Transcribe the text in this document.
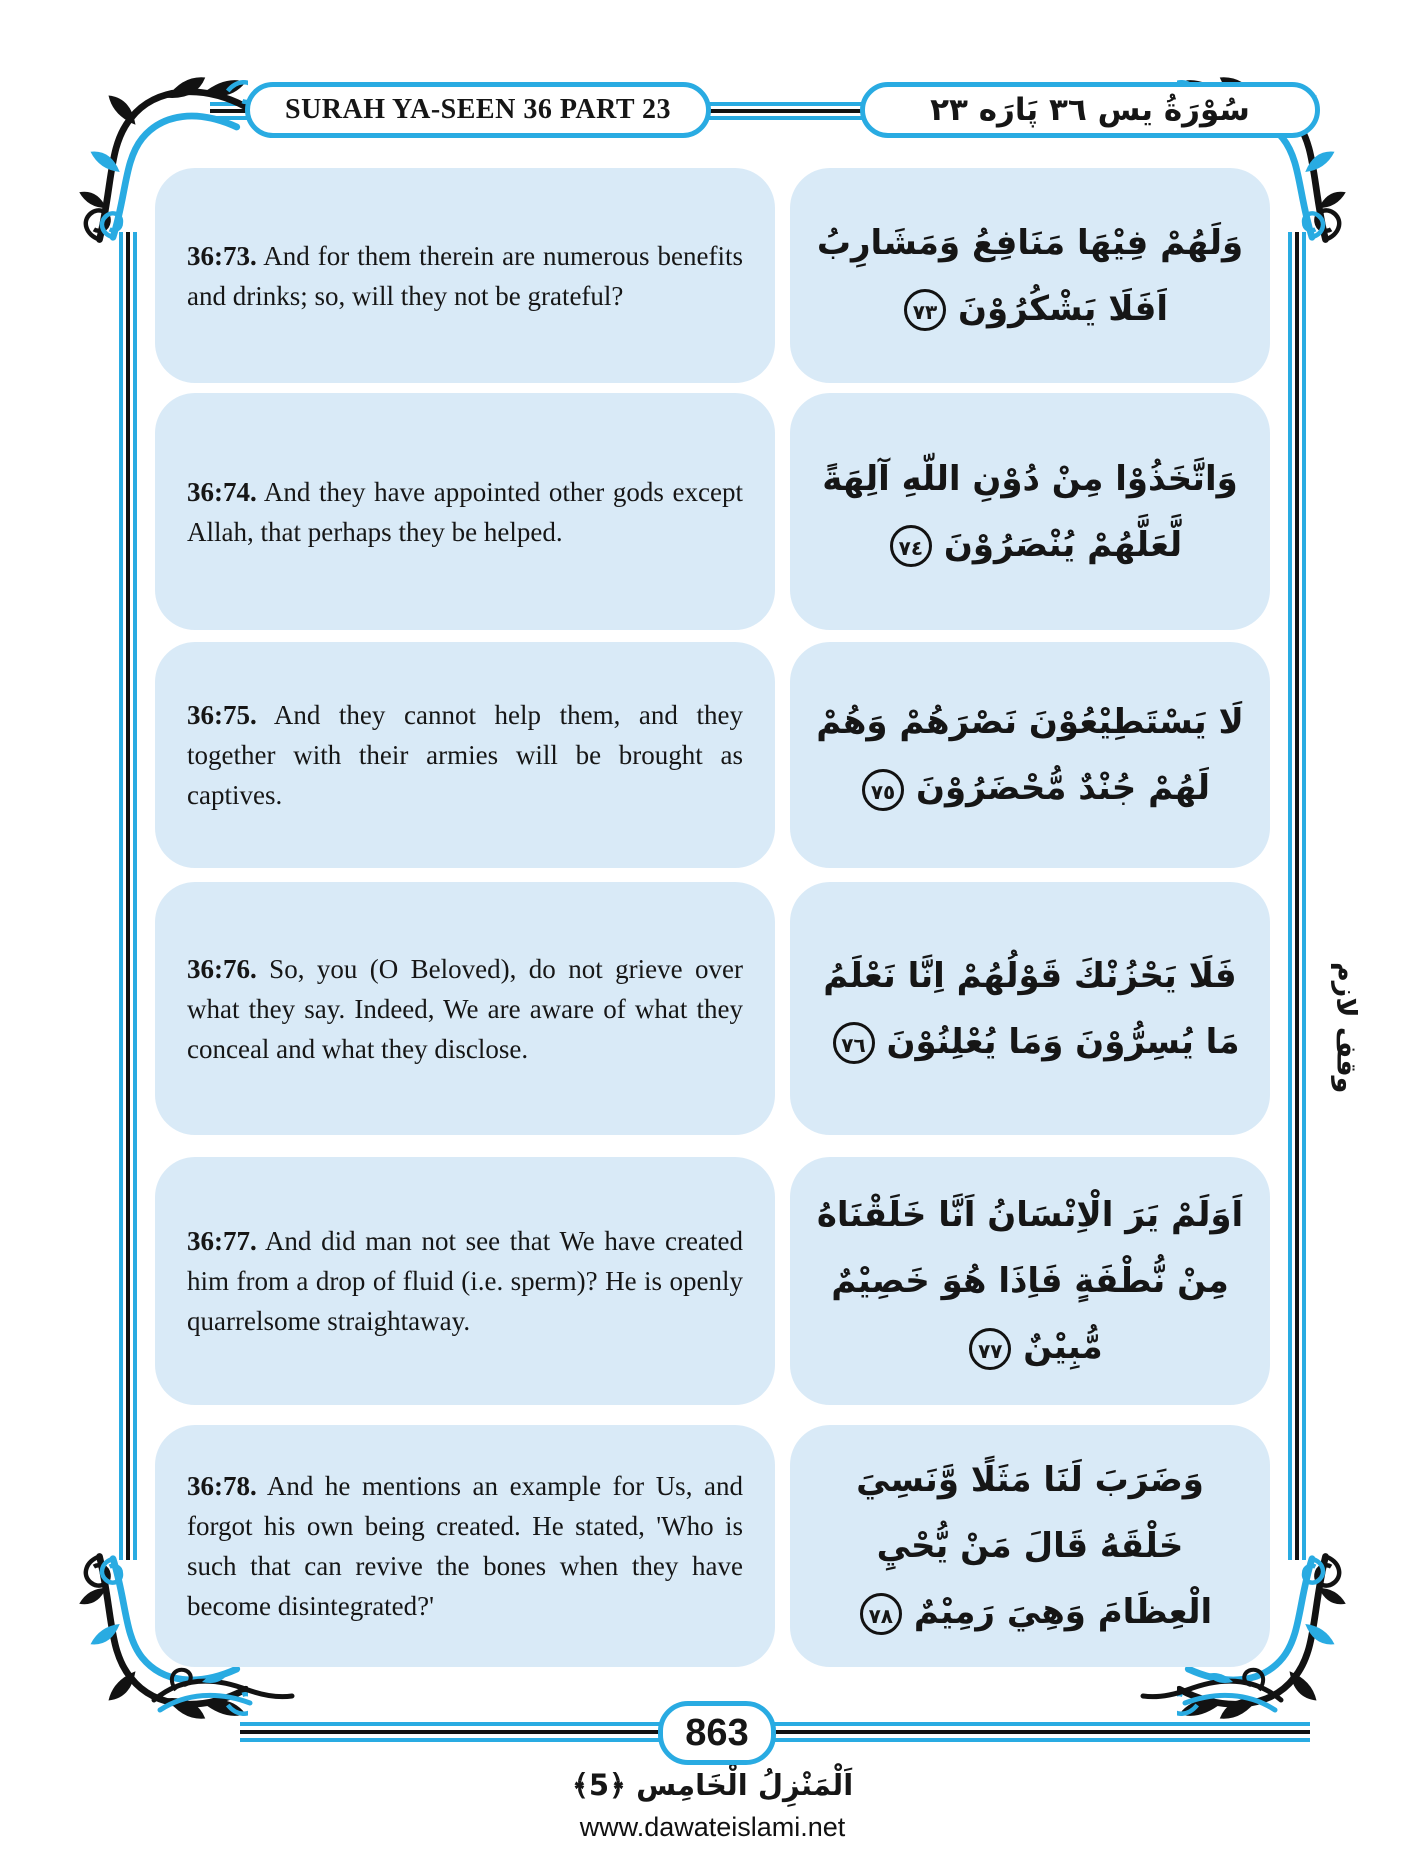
SURAH YA-SEEN 36 PART 23	سُوْرَةُ يس ٣٦ پَارَه ٢٣

36:73. And for them therein are numerous benefits and drinks; so, will they not be grateful?

وَلَهُمْ فِيْهَا مَنَافِعُ وَمَشَارِبُ اَفَلَا يَشْكُرُوْنَ٧٣

36:74. And they have appointed other gods except Allah, that perhaps they be helped.

وَاتَّخَذُوْا مِنْ دُوْنِ اللّهِ آلِهَةً لَّعَلَّهُمْ يُنْصَرُوْنَ٧٤

36:75. And they cannot help them, and they together with their armies will be brought as captives.

لَا يَسْتَطِيْعُوْنَ نَصْرَهُمْ وَهُمْ لَهُمْ جُنْدٌ مُّحْضَرُوْنَ٧٥

36:76. So, you (O Beloved), do not grieve over what they say. Indeed, We are aware of what they conceal and what they disclose.

فَلَا يَحْزُنْكَ قَوْلُهُمْ اِنَّا نَعْلَمُ مَا يُسِرُّوْنَ وَمَا يُعْلِنُوْنَ٧٦

36:77. And did man not see that We have created him from a drop of fluid (i.e. sperm)? He is openly quarrelsome straightaway.

اَوَلَمْ يَرَ الْاِنْسَانُ اَنَّا خَلَقْنَاهُ مِنْ نُّطْفَةٍ فَاِذَا هُوَ خَصِيْمٌ مُّبِيْنٌ٧٧

36:78. And he mentions an example for Us, and forgot his own being created. He stated, 'Who is such that can revive the bones when they have become disintegrated?'

وَضَرَبَ لَنَا مَثَلًا وَّنَسِيَ خَلْقَهُ قَالَ مَنْ يُّحْيِ الْعِظَامَ وَهِيَ رَمِيْمٌ٧٨

وقف لازم
863
اَلْمَنْزِلُ الْخَامِس ﴿5﴾
www.dawateislami.net
